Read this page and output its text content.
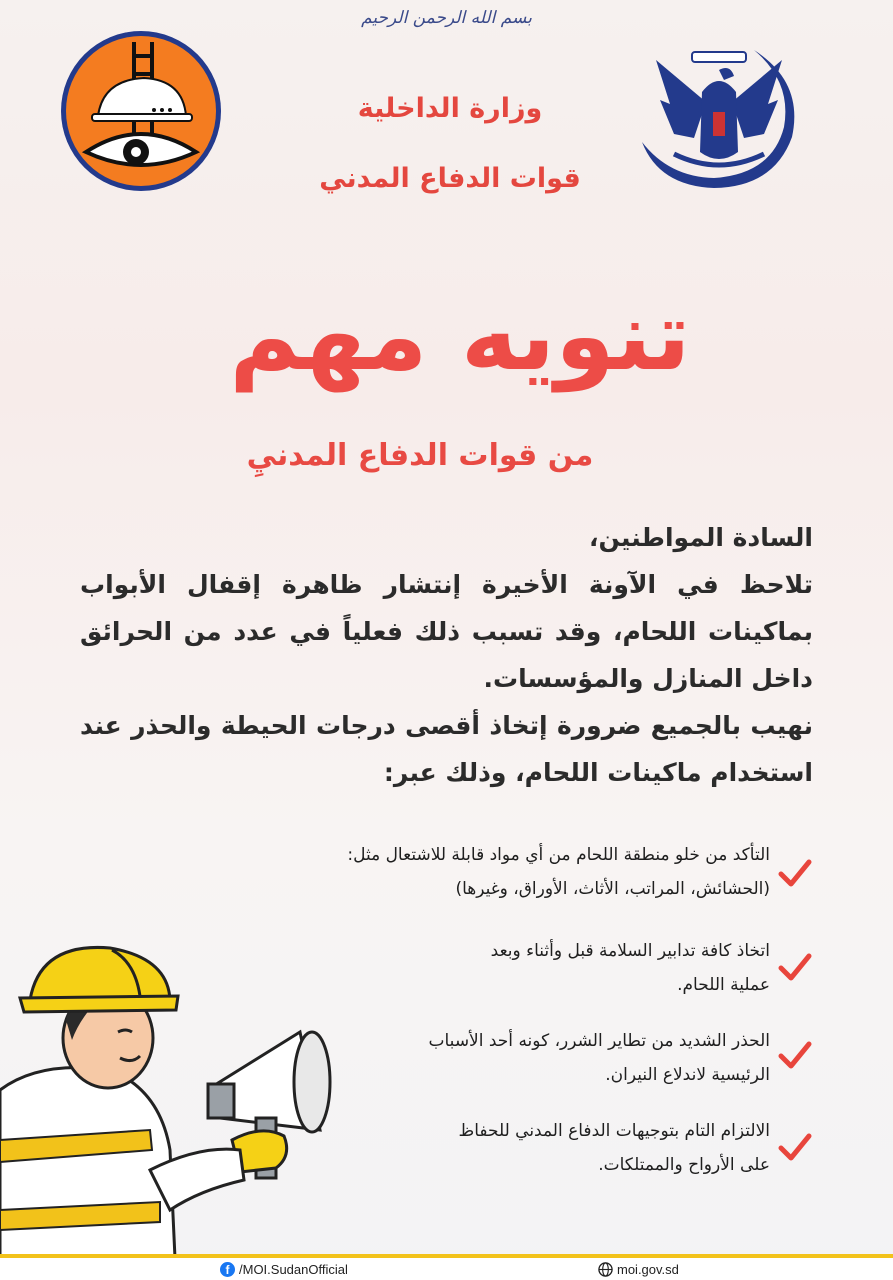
بسم الله الرحمن الرحيم
وزارة الداخلية
قوات الدفاع المدني
تنويه مهم
من قوات الدفاع المدنيِ
السادة المواطنين،
تلاحظ في الآونة الأخيرة إنتشار ظاهرة إقفال الأبواب بماكينات اللحام، وقد تسبب ذلك فعلياً في عدد من الحرائق داخل المنازل والمؤسسات.
نهيب بالجميع ضرورة إتخاذ أقصى درجات الحيطة والحذر عند استخدام ماكينات اللحام، وذلك عبر:
التأكد من خلو منطقة اللحام من أي مواد قابلة للاشتعال مثل:
(الحشائش، المراتب، الأثاث، الأوراق، وغيرها)
اتخاذ كافة تدابير السلامة قبل وأثناء وبعد
عملية اللحام.
الحذر الشديد من تطاير الشرر، كونه أحد الأسباب
الرئيسية لاندلاع النيران.
الالتزام التام بتوجيهات الدفاع المدني للحفاظ
على الأرواح والممتلكات.
f /MOI.SudanOfficial	moi.gov.sd
